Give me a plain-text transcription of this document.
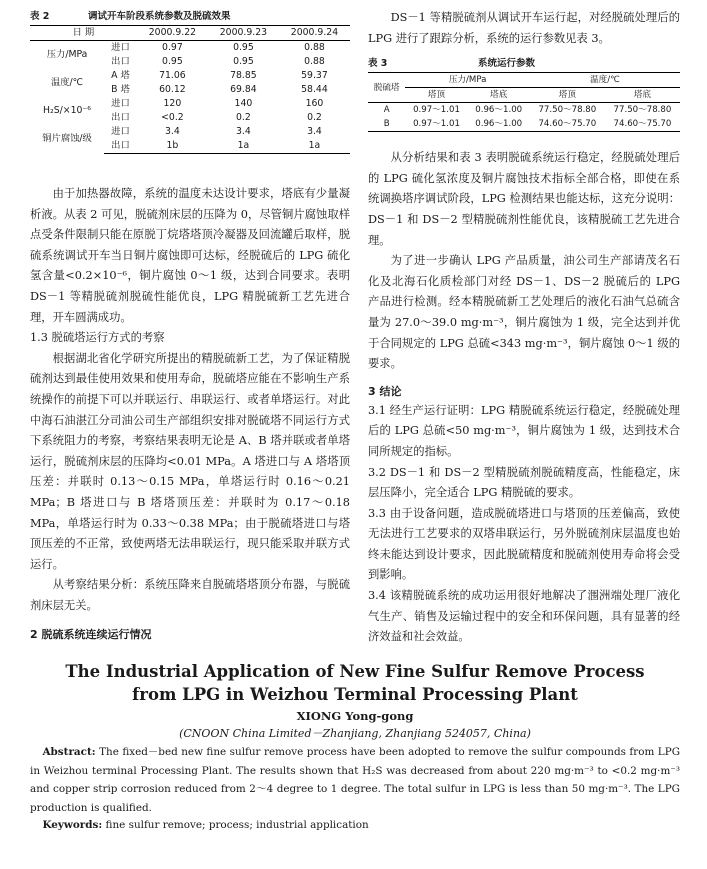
表 2	调试开车阶段系统参数及脱硫效果
日 期		2000.9.22	2000.9.23	2000.9.24
压力/MPa	进口	0.97	0.95	0.88
	出口	0.95	0.95	0.88
温度/℃	A 塔	71.06	78.85	59.37
	B 塔	60.12	69.84	58.44
H₂S/×10⁻⁶	进口	120	140	160
	出口	<0.2	0.2	0.2
铜片腐蚀/级	进口	3.4	3.4	3.4
	出口	1b	1a	1a

由于加热器故障，系统的温度未达设计要求，塔底有少量凝析液。从表 2 可见，脱硫剂床层的压降为 0，尽管铜片腐蚀取样点受条件限制只能在原脱丁烷塔塔顶冷凝器及回流罐后取样，脱硫系统调试开车当日铜片腐蚀即可达标，经脱硫后的 LPG 硫化氢含量<0.2×10⁻⁶，铜片腐蚀 0～1 级，达到合同要求。表明 DS－1 等精脱硫剂脱硫性能优良，LPG 精脱硫新工艺先进合理，开车圆满成功。

1.3 脱硫塔运行方式的考察

根据湖北省化学研究所提出的精脱硫新工艺，为了保证精脱硫剂达到最佳使用效果和使用寿命，脱硫塔应能在不影响生产系统操作的前提下可以并联运行、串联运行、或者单塔运行。对此中海石油湛江分司油公司生产部组织安排对脱硫塔不同运行方式下系统阻力的考察，考察结果表明无论是 A、B 塔并联或者单塔运行，脱硫剂床层的压降均<0.01 MPa。A 塔进口与 A 塔塔顶压差：并联时 0.13～0.15 MPa，单塔运行时 0.16～0.21 MPa；B 塔进口与 B 塔塔顶压差：并联时为 0.17～0.18 MPa，单塔运行时为 0.33～0.38 MPa；由于脱硫塔进口与塔顶压差的不正常，致使两塔无法串联运行，现只能采取并联方式运行。

从考察结果分析：系统压降来自脱硫塔塔顶分布器，与脱硫剂床层无关。

2 脱硫系统连续运行情况

DS－1 等精脱硫剂从调试开车运行起，对经脱硫处理后的 LPG 进行了跟踪分析，系统的运行参数见表 3。

表 3	系统运行参数
脱硫塔	压力/MPa		温度/℃	
	塔顶	塔底	塔顶	塔底
A	0.97～1.01	0.96～1.00	77.50～78.80	77.50～78.80
B	0.97～1.01	0.96～1.00	74.60～75.70	74.60～75.70

从分析结果和表 3 表明脱硫系统运行稳定，经脱硫处理后的 LPG 硫化氢浓度及铜片腐蚀技术指标全部合格，即使在系统调换塔序调试阶段，LPG 检测结果也能达标，这充分说明：DS－1 和 DS－2 型精脱硫剂性能优良，该精脱硫工艺先进合理。

为了进一步确认 LPG 产品质量，油公司生产部请茂名石化及北海石化质检部门对经 DS－1、DS－2 脱硫后的 LPG 产品进行检测。经本精脱硫新工艺处理后的液化石油气总硫含量为 27.0～39.0 mg·m⁻³，铜片腐蚀为 1 级，完全达到并优于合同规定的 LPG 总硫<343 mg·m⁻³，铜片腐蚀 0～1 级的要求。

3 结论

3.1 经生产运行证明：LPG 精脱硫系统运行稳定，经脱硫处理后的 LPG 总硫<50 mg·m⁻³，铜片腐蚀为 1 级，达到技术合同所规定的指标。

3.2 DS－1 和 DS－2 型精脱硫剂脱硫精度高，性能稳定，床层压降小，完全适合 LPG 精脱硫的要求。

3.3 由于设备问题，造成脱硫塔进口与塔顶的压差偏高，致使无法进行工艺要求的双塔串联运行，另外脱硫剂床层温度也始终未能达到设计要求，因此脱硫精度和脱硫剂使用寿命将会受到影响。

3.4 该精脱硫系统的成功运用很好地解决了涠洲端处理厂液化气生产、销售及运输过程中的安全和环保问题，具有显著的经济效益和社会效益。

The Industrial Application of New Fine Sulfur Remove Process
from LPG in Weizhou Terminal Processing Plant
XIONG Yong-gong
(CNOON China Limited－Zhanjiang, Zhanjiang 524057, China)
Abstract: The fixed－bed new fine sulfur remove process have been adopted to remove the sulfur compounds from LPG in Weizhou terminal Processing Plant. The results shown that H₂S was decreased from about 220 mg·m⁻³ to <0.2 mg·m⁻³ and copper strip corrosion reduced from 2～4 degree to 1 degree. The total sulfur in LPG is less than 50 mg·m⁻³. The LPG production is qualified.
Keywords: fine sulfur remove; process; industrial application
